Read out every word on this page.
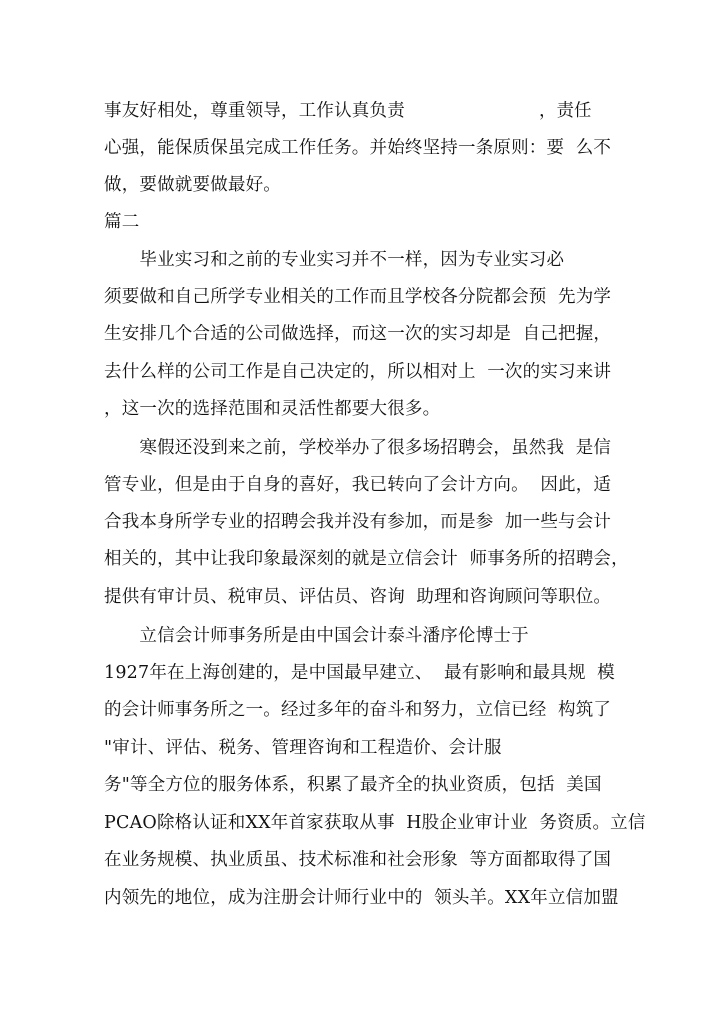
事友好相处，尊重领导，工作认真负责	，责任
心强，能保质保虽完成工作任务。并始终坚持一条原则：要  么不
做，要做就要做最好。
篇二
　　毕业实习和之前的专业实习并不一样，因为专业实习必
须要做和自己所学专业相关的工作而且学校各分院都会预  先为学
生安排几个合适的公司做选择，而这一次的实习却是  自己把握，
去什么样的公司工作是自己决定的，所以相对上  一次的实习来讲
，这一次的选择范围和灵活性都要大很多。
　　寒假还没到来之前，学校举办了很多场招聘会，虽然我  是信
管专业，但是由于自身的喜好，我已转向了会计方向。  因此，适
合我本身所学专业的招聘会我并没有参加，而是参  加一些与会计
相关的，其中让我印象最深刻的就是立信会计  师事务所的招聘会，
提供有审计员、税审员、评估员、咨询  助理和咨询顾问等职位。
　　立信会计师事务所是由中国会计泰斗潘序伦博士于
1927年在上海创建的，是中国最早建立、  最有影响和最具规  模
的会计师事务所之一。经过多年的奋斗和努力，立信已经  构筑了
"审计、评估、税务、管理咨询和工程造价、会计服
务"等全方位的服务体系，积累了最齐全的执业资质，包括  美国
PCAO除格认证和XX年首家获取从事  H股企业审计业  务资质。立信
在业务规模、执业质虽、技术标准和社会形象  等方面都取得了国
内领先的地位，成为注册会计师行业中的  领头羊。XX年立信加盟
